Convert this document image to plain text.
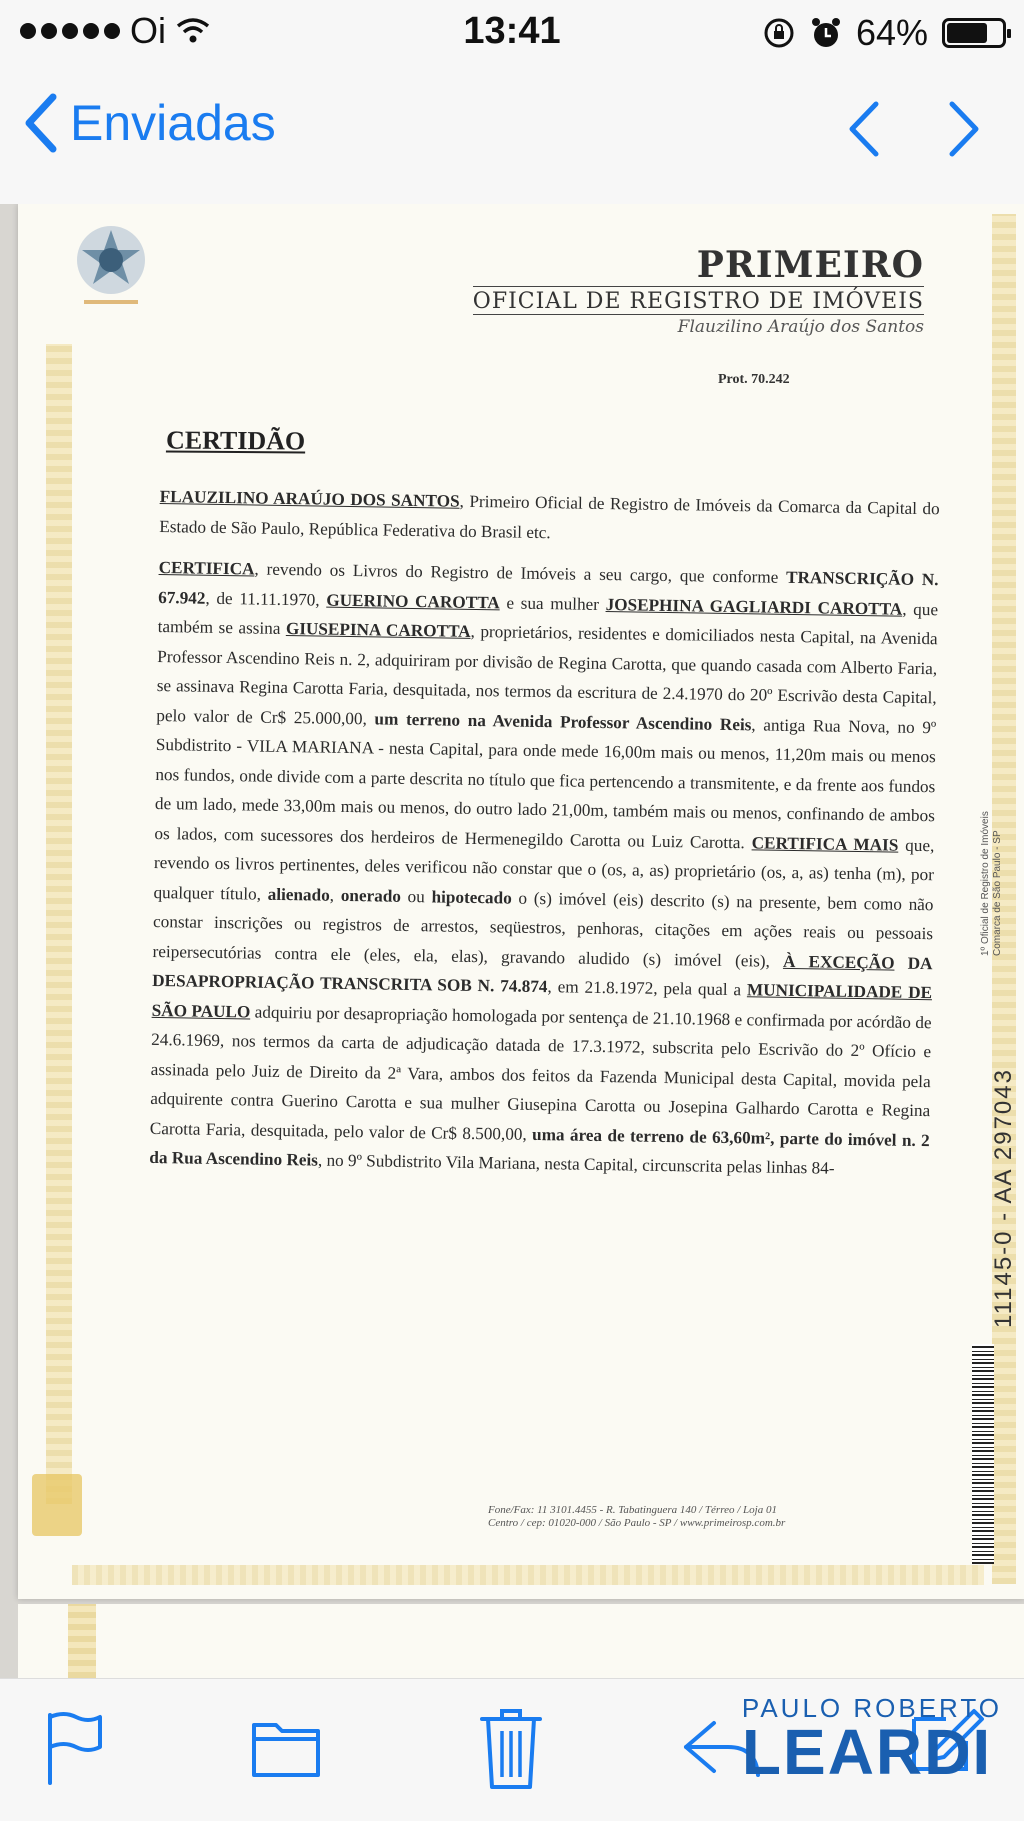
Oi	13:41	64%
Enviadas
PRIMEIRO
OFICIAL DE REGISTRO DE IMÓVEIS
Flauzilino Araújo dos Santos
Prot. 70.242
CERTIDÃO

FLAUZILINO ARAÚJO DOS SANTOS, Primeiro Oficial de Registro de Imóveis da Comarca da Capital do Estado de São Paulo, República Federativa do Brasil etc.

CERTIFICA, revendo os Livros do Registro de Imóveis a seu cargo, que conforme TRANSCRIÇÃO N. 67.942, de 11.11.1970, GUERINO CAROTTA e sua mulher JOSEPHINA GAGLIARDI CAROTTA, que também se assina GIUSEPINA CAROTTA, proprietários, residentes e domiciliados nesta Capital, na Avenida Professor Ascendino Reis n. 2, adquiriram por divisão de Regina Carotta, que quando casada com Alberto Faria, se assinava Regina Carotta Faria, desquitada, nos termos da escritura de 2.4.1970 do 20º Escrivão desta Capital, pelo valor de Cr$ 25.000,00, um terreno na Avenida Professor Ascendino Reis, antiga Rua Nova, no 9º Subdistrito - VILA MARIANA - nesta Capital, para onde mede 16,00m mais ou menos, 11,20m mais ou menos nos fundos, onde divide com a parte descrita no título que fica pertencendo a transmitente, e da frente aos fundos de um lado, mede 33,00m mais ou menos, do outro lado 21,00m, também mais ou menos, confinando de ambos os lados, com sucessores dos herdeiros de Hermenegildo Carotta ou Luiz Carotta. CERTIFICA MAIS que, revendo os livros pertinentes, deles verificou não constar que o (os, a, as) proprietário (os, a, as) tenha (m), por qualquer título, alienado, onerado ou hipotecado o (s) imóvel (eis) descrito (s) na presente, bem como não constar inscrições ou registros de arrestos, seqüestros, penhoras, citações em ações reais ou pessoais reipersecutórias contra ele (eles, ela, elas), gravando aludido (s) imóvel (eis), À EXCEÇÃO DA DESAPROPRIAÇÃO TRANSCRITA SOB N. 74.874, em 21.8.1972, pela qual a MUNICIPALIDADE DE SÃO PAULO adquiriu por desapropriação homologada por sentença de 21.10.1968 e confirmada por acórdão de 24.6.1969, nos termos da carta de adjudicação datada de 17.3.1972, subscrita pelo Escrivão do 2º Ofício e assinada pelo Juiz de Direito da 2ª Vara, ambos dos feitos da Fazenda Municipal desta Capital, movida pela adquirente contra Guerino Carotta e sua mulher Giusepina Carotta ou Josepina Galhardo Carotta e Regina Carotta Faria, desquitada, pelo valor de Cr$ 8.500,00, uma área de terreno de 63,60m², parte do imóvel n. 2 da Rua Ascendino Reis, no 9º Subdistrito Vila Mariana, nesta Capital, circunscrita pelas linhas 84-

Fone/Fax: 11 3101.4455 - R. Tabatinguera 140 / Térreo / Loja 01
Centro / cep: 01020-000 / São Paulo - SP / www.primeirosp.com.br
1º Oficial de Registro de Imóveis Comarca de São Paulo - SP
11145-0 - AA 297043
PAULO ROBERTO
LEARDI
